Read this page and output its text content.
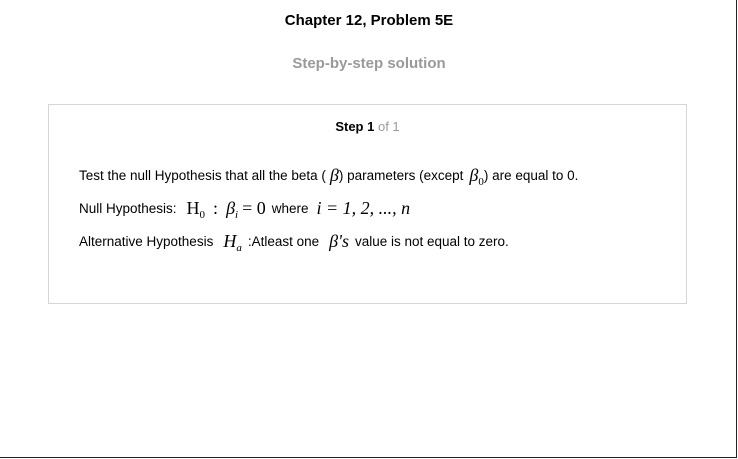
Chapter 12, Problem 5E
Step-by-step solution
Step 1 of 1
Test the null Hypothesis that all the beta ( β ) parameters (except β 0 ) are equal to 0.
Null Hypothesis: H 0 : β i = 0 where i = 1, 2, ..., n
Alternative Hypothesis H a :Atleast one β's value is not equal to zero.
